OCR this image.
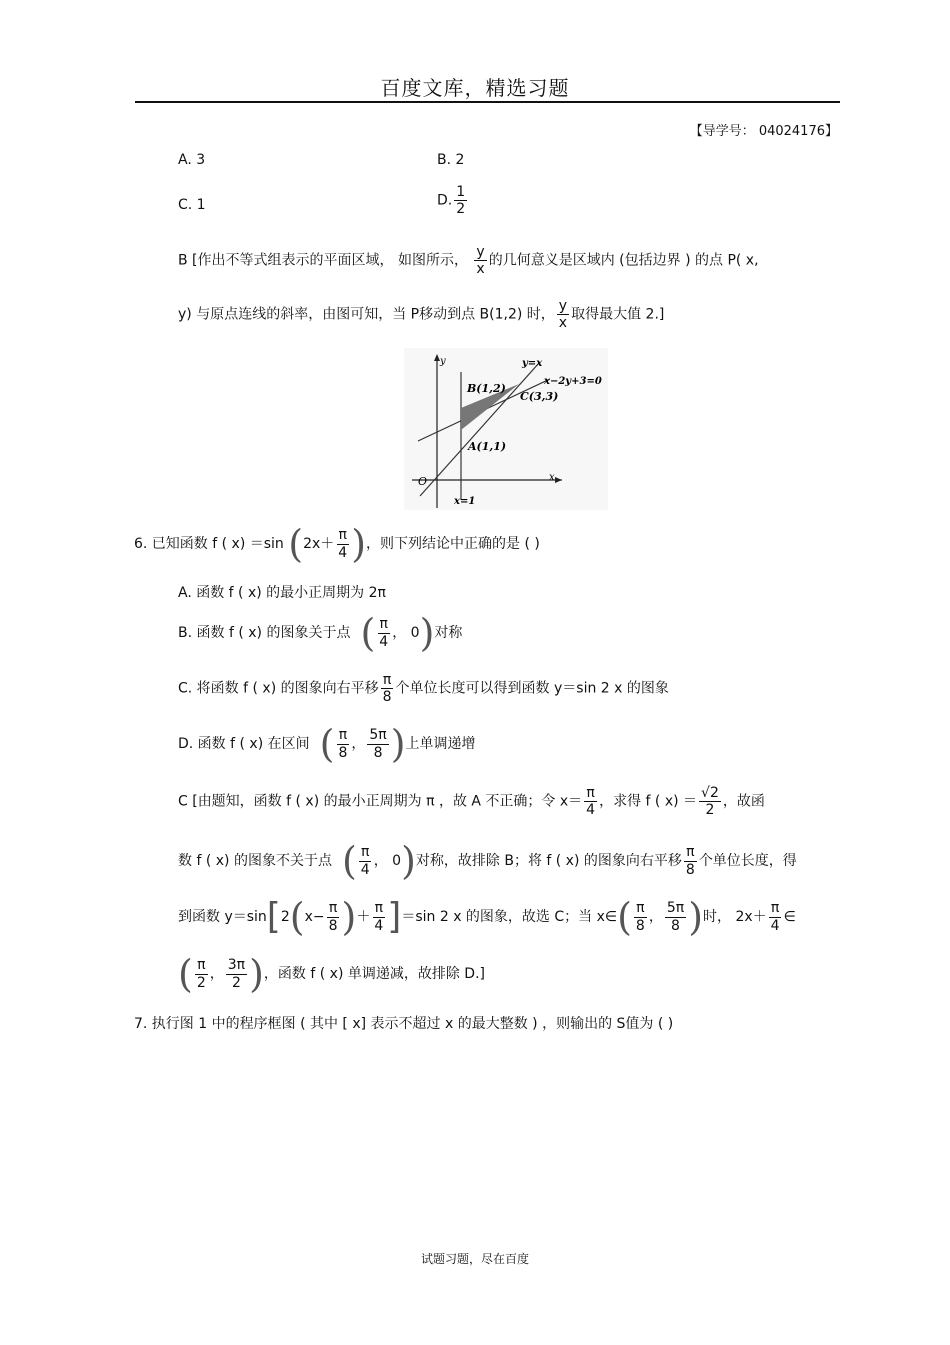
百度文库，精选习题
【导学号： 04024176】
A. 3	B. 2
C. 1	D. $\frac{1}{2}$
B [作出不等式组表示的平面区域， 如图所示， $\frac{y}{x}$ 的几何意义是区域内 (包括边界 ) 的点 P( x,
y) 与原点连线的斜率，由图可知，当 P移动到点 B(1,2) 时， $\frac{y}{x}$ 取得最大值 2.]
y
x
O
y=x
x−2y+3=0
B(1,2)
C(3,3)
A(1,1)
x=1
6. 已知函数 f ( x) ＝sin ($2x+ \frac{\pi}{4}$ )，则下列结论中正确的是 ( )
A. 函数 f ( x) 的最小正周期为 2π
B. 函数 f ( x) 的图象关于点 ( $\frac{\pi}{4}$ ， 0)对称
C. 将函数 f ( x) 的图象向右平移 $\frac{\pi}{8}$ 个单位长度可以得到函数 y＝sin 2 x 的图象
D. 函数 f ( x) 在区间 ( $\frac{\pi}{8}$ ， $\frac{5\pi}{8}$ )上单调递增
C [由题知，函数 f ( x) 的最小正周期为 π ，故 A 不正确；令 $x= \frac{\pi}{4}$ ，求得 f ( $x) = \frac{√2}{2}$ ，故函
数 f ( x) 的图象不关于点 ( $\frac{\pi}{4}$ ， 0)对称，故排除 B；将 f ( x) 的图象向右平移 $\frac{\pi}{8}$ 个单位长度，得
到函数 $y=\sin[2(x- \frac{\pi}{8}$ )＋ $\frac{\pi}{4} ]=\sin$ 2 x 的图象，故选 C；当 x∈( $\frac{\pi}{8}$ ， $\frac{5\pi}{8}$ )时， $2x+ \frac{\pi}{4}$ ∈
( $\frac{\pi}{2}$ ， $\frac{3\pi}{2}$ )，函数 f ( x) 单调递减，故排除 D.]
7. 执行图 1 中的程序框图 ( 其中 [ x] 表示不超过 x 的最大整数 ) ，则输出的 S值为 ( )
试题习题，尽在百度
